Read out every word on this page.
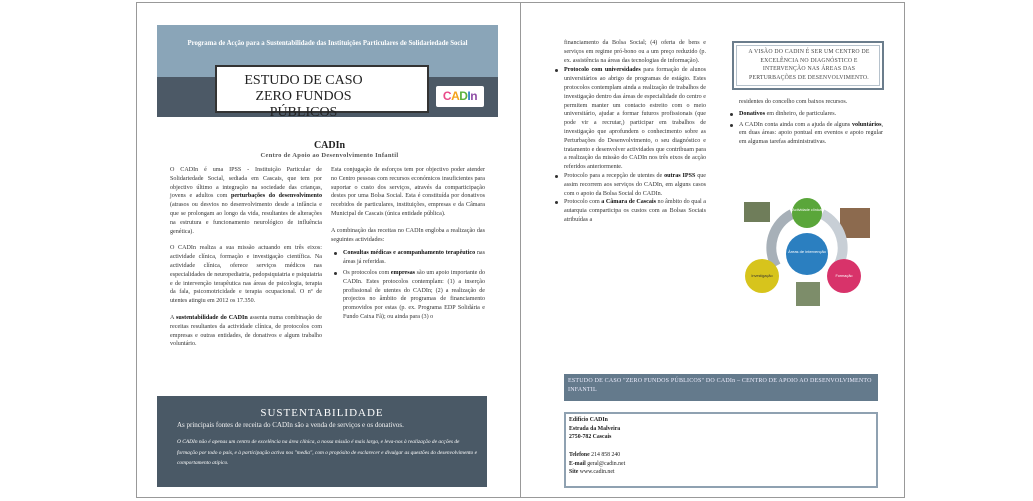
Programa de Acção para a Sustentabilidade das Instituições Particulares de Solidariedade Social
ESTUDO DE CASO
ZERO FUNDOS PÚBLICOS
CADIn
CADIn
Centro de Apoio ao Desenvolvimento Infantil

O CADIn é uma IPSS - Instituição Particular de Solidariedade Social, sediada em Cascais, que tem por objectivo último a integração na sociedade das crianças, jovens e adultos com perturbações do desenvolvimento (atrasos ou desvios no desenvolvimento desde a infância e que se prolongam ao longo da vida, resultantes de alterações na estrutura e funcionamento neurológico de influência genética).

O CADIn realiza a sua missão actuando em três eixos: actividade clínica, formação e investigação científica. Na actividade clínica, oferece serviços médicos nas especialidades de neuropediatria, pedopsiquiatria e psiquiatria e de intervenção terapêutica nas áreas de psicologia, terapia da fala, psicomotricidade e terapia ocupacional. O nº de utentes atingiu em 2012 os 17.350.

A sustentabilidade do CADIn assenta numa combinação de receitas resultantes da actividade clínica, de protocolos com empresas e outras entidades, de donativos e algum trabalho voluntário.

Esta conjugação de esforços tem por objectivo poder atender no Centro pessoas com recursos económicos insuficientes para suportar o custo dos serviços, através da comparticipação destes por uma Bolsa Social. Esta é constituída por donativos recebidos de particulares, instituições, empresas e da Câmara Municipal de Cascais (única entidade pública).

A combinação das receitas no CADIn engloba a realização das seguintes actividades:

Consultas médicas e acompanhamento terapêutico nas áreas já referidas.
Os protocolos com empresas são um apoio importante do CADIn. Estes protocolos contemplam: (1) a inserção profissional de utentes do CADIn; (2) a realização de projectos no âmbito de programas de financiamento promovidos por estas (p. ex. Programa EDP Solidária e Fundo Caixa Fã); ou ainda para (3) o
SUSTENTABILIDADE
As principais fontes de receita do CADIn são a venda de serviços e os donativos.
O CADIn não é apenas um centro de excelência na área clínica, a nossa missão é mais larga, e leva-nos à realização de acções de formação por todo o país, e à participação activa nos "media", com o propósito de esclarecer e divulgar as questões do desenvolvimento e comportamento atípico.

financiamento da Bolsa Social; (4) oferta de bens e serviços em regime pró-bono ou a um preço reduzido (p. ex. assistência na áreas das tecnologias de informação).

Protocolo com universidades para formação de alunos universitários ao abrigo de programas de estágio. Estes protocolos contemplam ainda a realização de trabalhos de investigação dentro das áreas de especialidade do centro e permitem manter um contacto estreito com o meio universitário, ajudar a formar futuros profissionais (que pode vir a recrutar,) participar em trabalhos de investigação que aprofundem o conhecimento sobre as Perturbações do Desenvolvimento, o seu diagnóstico e tratamento e desenvolver actividades que contribuam para a realização da missão do CADIn nos três eixos de acção referidos anteriormente.
Protocolo para a recepção de utentes de outras IPSS que assim recorrem aos serviços do CADIn, em alguns casos com o apoio da Bolsa Social do CADIn.
Protocolo com a Câmara de Cascais no âmbito do qual a autarquia comparticipa os custos com as Bolsas Sociais atribuídas a
A VISÃO DO CADIN É SER UM CENTRO DE EXCELÊNCIA NO DIAGNÓSTICO E INTERVENÇÃO NAS ÁREAS DAS PERTURBAÇÕES DE DESENVOLVIMENTO.

residentes do concelho com baixos recursos.

Donativos em dinheiro, de particulares.
A CADIn conta ainda com a ajuda de alguns voluntários, em duas áreas: apoio pontual em eventos e apoio regular em algumas tarefas administrativas.
Actividade clínica
Investigação	Formação
Áreas de intervenção
ESTUDO DE CASO "ZERO FUNDOS PÚBLICOS" DO CADIn – CENTRO DE APOIO AO DESENVOLVIMENTO INFANTIL
Edifício CADIn
Estrada da Malveira
2750-782 Cascais

Telefone 214 858 240
E-mail geral@cadin.net
Site www.cadin.net
